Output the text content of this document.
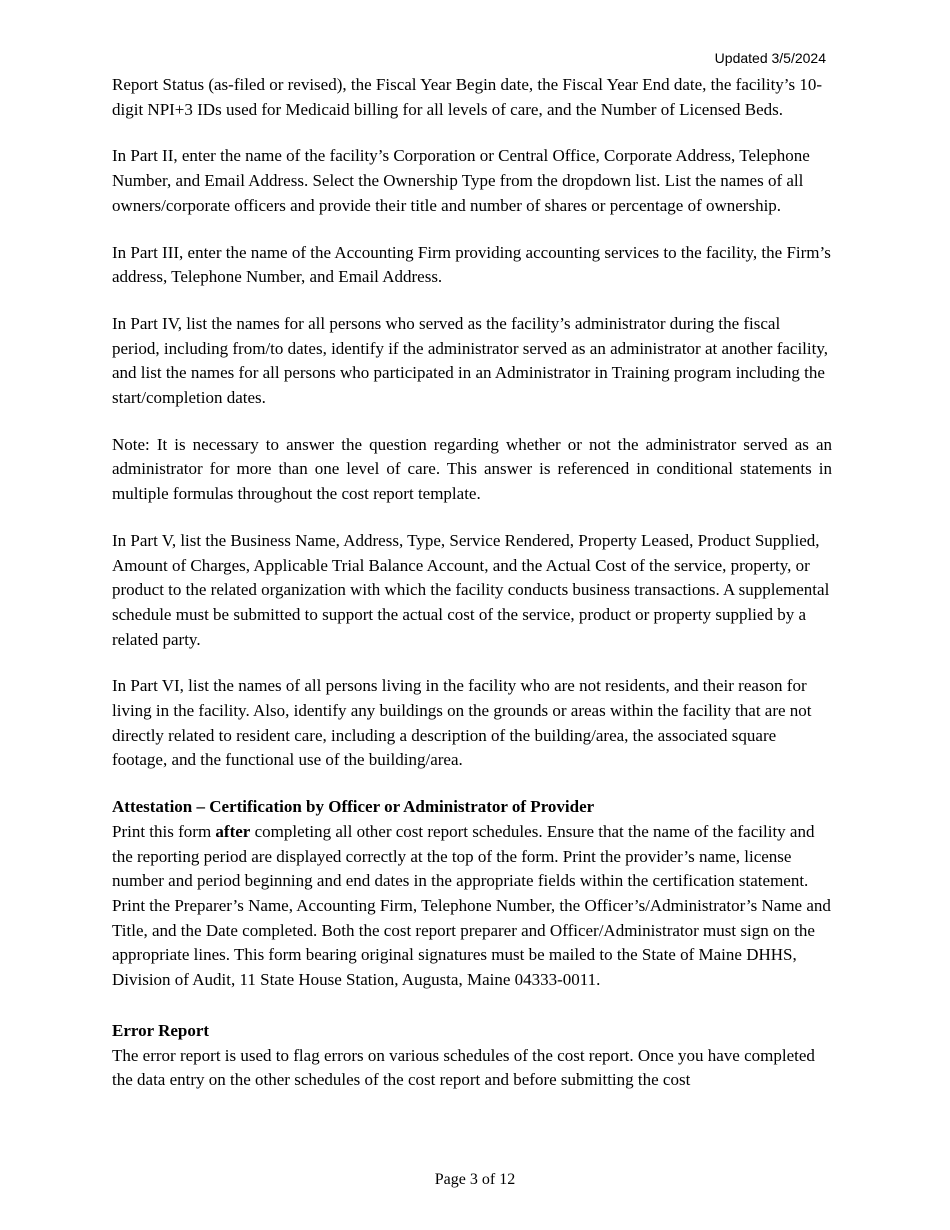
Updated 3/5/2024

Report Status (as-filed or revised), the Fiscal Year Begin date, the Fiscal Year End date, the facility’s 10-digit NPI+3 IDs used for Medicaid billing for all levels of care, and the Number of Licensed Beds.

In Part II, enter the name of the facility’s Corporation or Central Office, Corporate Address, Telephone Number, and Email Address. Select the Ownership Type from the dropdown list. List the names of all owners/corporate officers and provide their title and number of shares or percentage of ownership.

In Part III, enter the name of the Accounting Firm providing accounting services to the facility, the Firm’s address, Telephone Number, and Email Address.

In Part IV, list the names for all persons who served as the facility’s administrator during the fiscal period, including from/to dates, identify if the administrator served as an administrator at another facility, and list the names for all persons who participated in an Administrator in Training program including the start/completion dates.

Note: It is necessary to answer the question regarding whether or not the administrator served as an administrator for more than one level of care. This answer is referenced in conditional statements in multiple formulas throughout the cost report template.

In Part V, list the Business Name, Address, Type, Service Rendered, Property Leased, Product Supplied, Amount of Charges, Applicable Trial Balance Account, and the Actual Cost of the service, property, or product to the related organization with which the facility conducts business transactions. A supplemental schedule must be submitted to support the actual cost of the service, product or property supplied by a related party.

In Part VI, list the names of all persons living in the facility who are not residents, and their reason for living in the facility. Also, identify any buildings on the grounds or areas within the facility that are not directly related to resident care, including a description of the building/area, the associated square footage, and the functional use of the building/area.

Attestation – Certification by Officer or Administrator of Provider

Print this form after completing all other cost report schedules. Ensure that the name of the facility and the reporting period are displayed correctly at the top of the form. Print the provider’s name, license number and period beginning and end dates in the appropriate fields within the certification statement. Print the Preparer’s Name, Accounting Firm, Telephone Number, the Officer’s/Administrator’s Name and Title, and the Date completed. Both the cost report preparer and Officer/Administrator must sign on the appropriate lines. This form bearing original signatures must be mailed to the State of Maine DHHS, Division of Audit, 11 State House Station, Augusta, Maine 04333-0011.

Error Report

The error report is used to flag errors on various schedules of the cost report. Once you have completed the data entry on the other schedules of the cost report and before submitting the cost

Page 3 of 12
